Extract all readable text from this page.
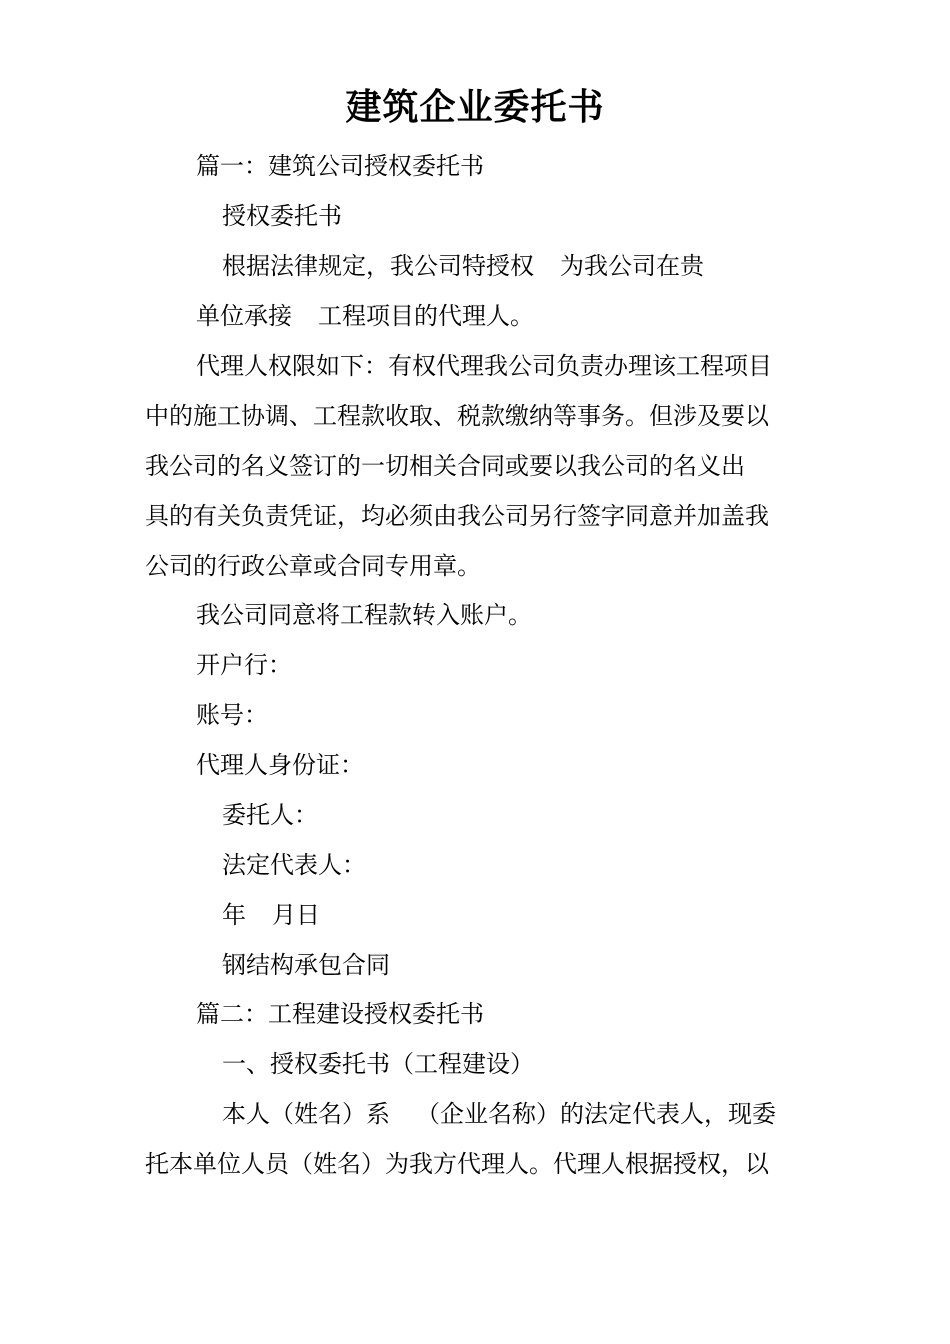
建筑企业委托书
篇一：建筑公司授权委托书
授权委托书
根据法律规定，我公司特授权 为我公司在贵
单位承接 工程项目的代理人。
代理人权限如下：有权代理我公司负责办理该工程项目
中的施工协调、工程款收取、税款缴纳等事务。但涉及要以
我公司的名义签订的一切相关合同或要以我公司的名义出
具的有关负责凭证，均必须由我公司另行签字同意并加盖我
公司的行政公章或合同专用章。
我公司同意将工程款转入账户。
开户行：
账号：
代理人身份证：
委托人：
法定代表人：
年 月日
钢结构承包合同
篇二：工程建设授权委托书
一、授权委托书（工程建设）
本人（姓名）系 （企业名称）的法定代表人，现委
托本单位人员（姓名）为我方代理人。代理人根据授权，以
